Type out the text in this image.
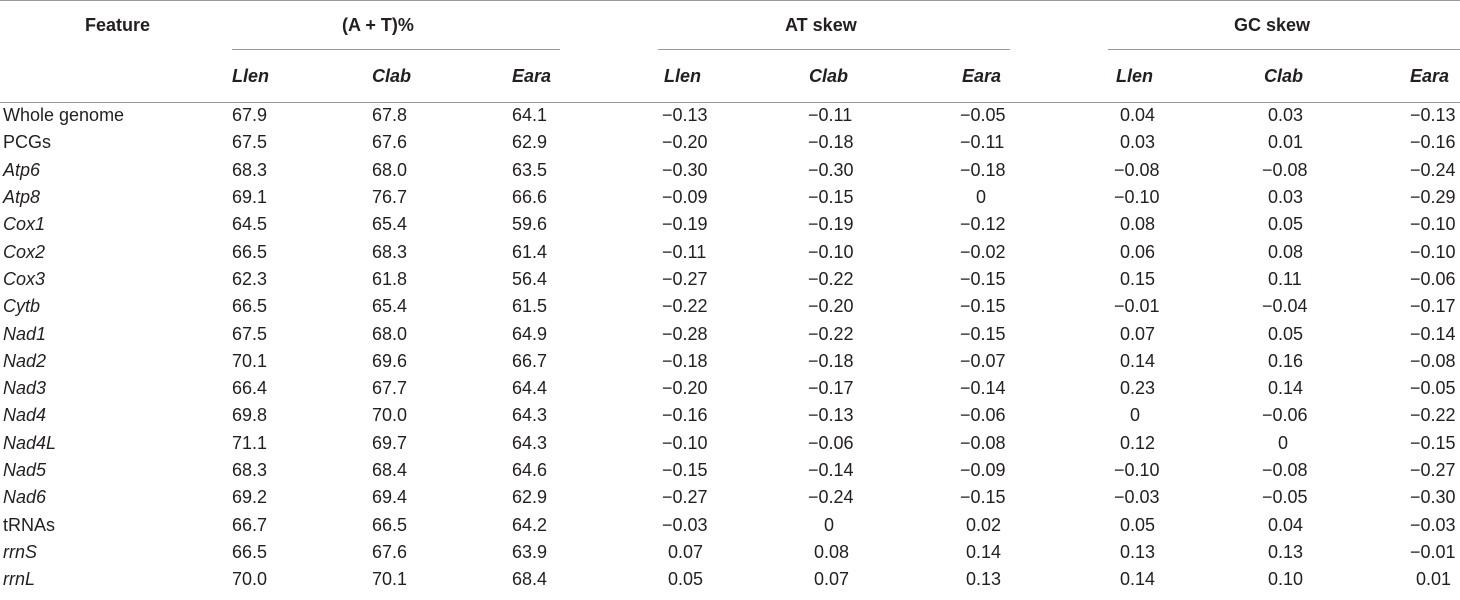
Feature	(A + T)%			AT skew			GC skew		
	Llen	Clab	Eara	Llen	Clab	Eara	Llen	Clab	Eara
Whole genome	67.9	67.8	64.1	−0.13	−0.11	−0.05	0.04	0.03	−0.13
PCGs	67.5	67.6	62.9	−0.20	−0.18	−0.11	0.03	0.01	−0.16
Atp6	68.3	68.0	63.5	−0.30	−0.30	−0.18	−0.08	−0.08	−0.24
Atp8	69.1	76.7	66.6	−0.09	−0.15	0	−0.10	0.03	−0.29
Cox1	64.5	65.4	59.6	−0.19	−0.19	−0.12	0.08	0.05	−0.10
Cox2	66.5	68.3	61.4	−0.11	−0.10	−0.02	0.06	0.08	−0.10
Cox3	62.3	61.8	56.4	−0.27	−0.22	−0.15	0.15	0.11	−0.06
Cytb	66.5	65.4	61.5	−0.22	−0.20	−0.15	−0.01	−0.04	−0.17
Nad1	67.5	68.0	64.9	−0.28	−0.22	−0.15	0.07	0.05	−0.14
Nad2	70.1	69.6	66.7	−0.18	−0.18	−0.07	0.14	0.16	−0.08
Nad3	66.4	67.7	64.4	−0.20	−0.17	−0.14	0.23	0.14	−0.05
Nad4	69.8	70.0	64.3	−0.16	−0.13	−0.06	0	−0.06	−0.22
Nad4L	71.1	69.7	64.3	−0.10	−0.06	−0.08	0.12	0	−0.15
Nad5	68.3	68.4	64.6	−0.15	−0.14	−0.09	−0.10	−0.08	−0.27
Nad6	69.2	69.4	62.9	−0.27	−0.24	−0.15	−0.03	−0.05	−0.30
tRNAs	66.7	66.5	64.2	−0.03	0	0.02	0.05	0.04	−0.03
rrnS	66.5	67.6	63.9	0.07	0.08	0.14	0.13	0.13	−0.01
rrnL	70.0	70.1	68.4	0.05	0.07	0.13	0.14	0.10	0.01
